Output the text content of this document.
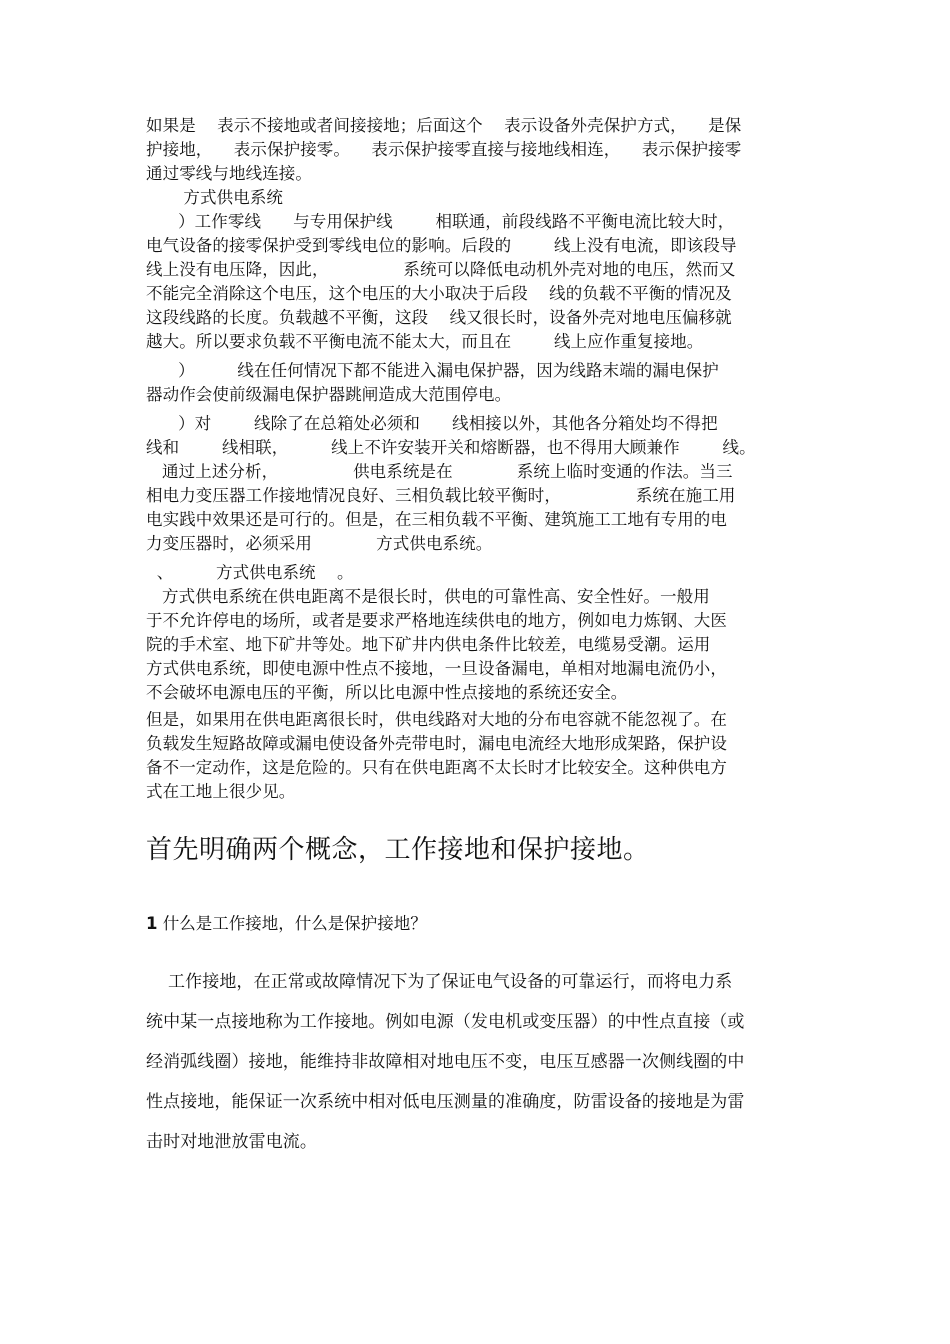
如果是    表示不接地或者间接接地；后面这个    表示设备外壳保护方式，    是保
护接地，    表示保护接零。    表示保护接零直接与接地线相连，    表示保护接零
通过零线与地线连接。
方式供电系统
）工作零线      与专用保护线        相联通，前段线路不平衡电流比较大时，
电气设备的接零保护受到零线电位的影响。后段的        线上没有电流，即该段导
线上没有电压降，因此，              系统可以降低电动机外壳对地的电压，然而又
不能完全消除这个电压，这个电压的大小取决于后段    线的负载不平衡的情况及
这段线路的长度。负载越不平衡，这段    线又很长时，设备外壳对地电压偏移就
越大。所以要求负载不平衡电流不能太大，而且在        线上应作重复接地。
）        线在任何情况下都不能进入漏电保护器，因为线路末端的漏电保护
器动作会使前级漏电保护器跳闸造成大范围停电。
）对        线除了在总箱处必须和      线相接以外，其他各分箱处均不得把
线和        线相联，        线上不许安装开关和熔断器，也不得用大顾兼作        线。
通过上述分析，              供电系统是在            系统上临时变通的作法。当三
相电力变压器工作接地情况良好、三相负载比较平衡时，              系统在施工用
电实践中效果还是可行的。但是，在三相负载不平衡、建筑施工工地有专用的电
力变压器时，必须采用            方式供电系统。
、        方式供电系统    。
方式供电系统在供电距离不是很长时，供电的可靠性高、安全性好。一般用
于不允许停电的场所，或者是要求严格地连续供电的地方，例如电力炼钢、大医
院的手术室、地下矿井等处。地下矿井内供电条件比较差，电缆易受潮。运用
方式供电系统，即使电源中性点不接地，一旦设备漏电，单相对地漏电流仍小，
不会破坏电源电压的平衡，所以比电源中性点接地的系统还安全。
但是，如果用在供电距离很长时，供电线路对大地的分布电容就不能忽视了。在
负载发生短路故障或漏电使设备外壳带电时，漏电电流经大地形成架路，保护设
备不一定动作，这是危险的。只有在供电距离不太长时才比较安全。这种供电方
式在工地上很少见。
首先明确两个概念，工作接地和保护接地。
1 什么是工作接地，什么是保护接地？
工作接地，在正常或故障情况下为了保证电气设备的可靠运行，而将电力系
统中某一点接地称为工作接地。例如电源（发电机或变压器）的中性点直接（或
经消弧线圈）接地，能维持非故障相对地电压不变，电压互感器一次侧线圈的中
性点接地，能保证一次系统中相对低电压测量的准确度，防雷设备的接地是为雷
击时对地泄放雷电流。
